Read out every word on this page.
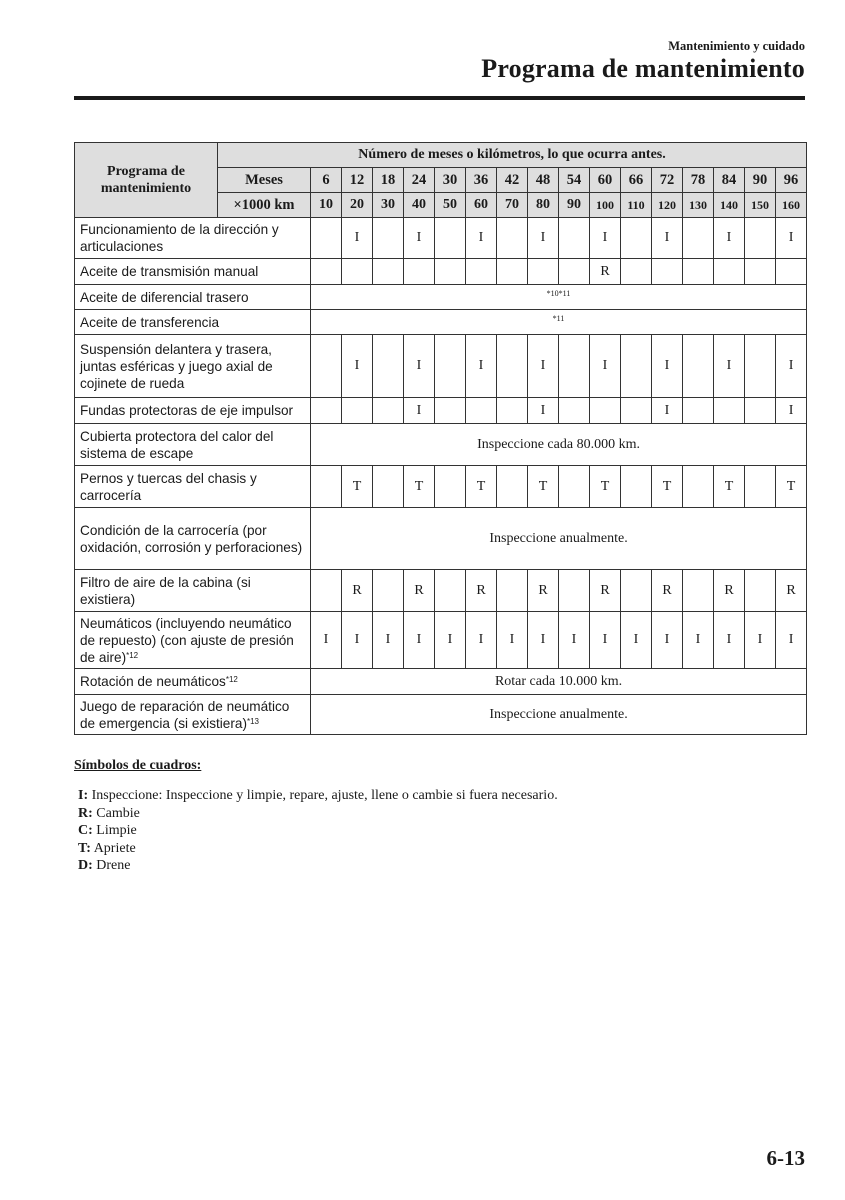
Mantenimiento y cuidado
Programa de mantenimiento
Programa de mantenimiento	Número de meses o kilómetros, lo que ocurra antes.																
	Meses	6	12	18	24	30	36	42	48	54	60	66	72	78	84	90	96
	×1000 km	10	20	30	40	50	60	70	80	90	100	110	120	130	140	150	160
Funcionamiento de la dirección y articulaciones			I		I		I		I		I		I		I		I
Aceite de transmisión manual											R						
Aceite de diferencial trasero		*10*11															
Aceite de transferencia		*11															
Suspensión delantera y trasera, juntas esféricas y juego axial de cojinete de rueda			I		I		I		I		I		I		I		I
Fundas protectoras de eje impulsor					I				I				I				I
Cubierta protectora del calor del sistema de escape		Inspeccione cada 80.000 km.															
Pernos y tuercas del chasis y carrocería			T		T		T		T		T		T		T		T
Condición de la carrocería (por oxidación, corrosión y perforaciones)		Inspeccione anualmente.															
Filtro de aire de la cabina (si existiera)			R		R		R		R		R		R		R		R
Neumáticos (incluyendo neumático de repuesto) (con ajuste de presión de aire)$^{*12}$		I	I	I	I	I	I	I	I	I	I	I	I	I	I	I	I
Rotación de neumáticos$^{*12}$		Rotar cada 10.000 km.															
Juego de reparación de neumático de emergencia (si existiera)$^{*13}$		Inspeccione anualmente.															
Símbolos de cuadros:
I: Inspeccione: Inspeccione y limpie, repare, ajuste, llene o cambie si fuera necesario.
R: Cambie
C: Limpie
T: Apriete
D: Drene
6-13
